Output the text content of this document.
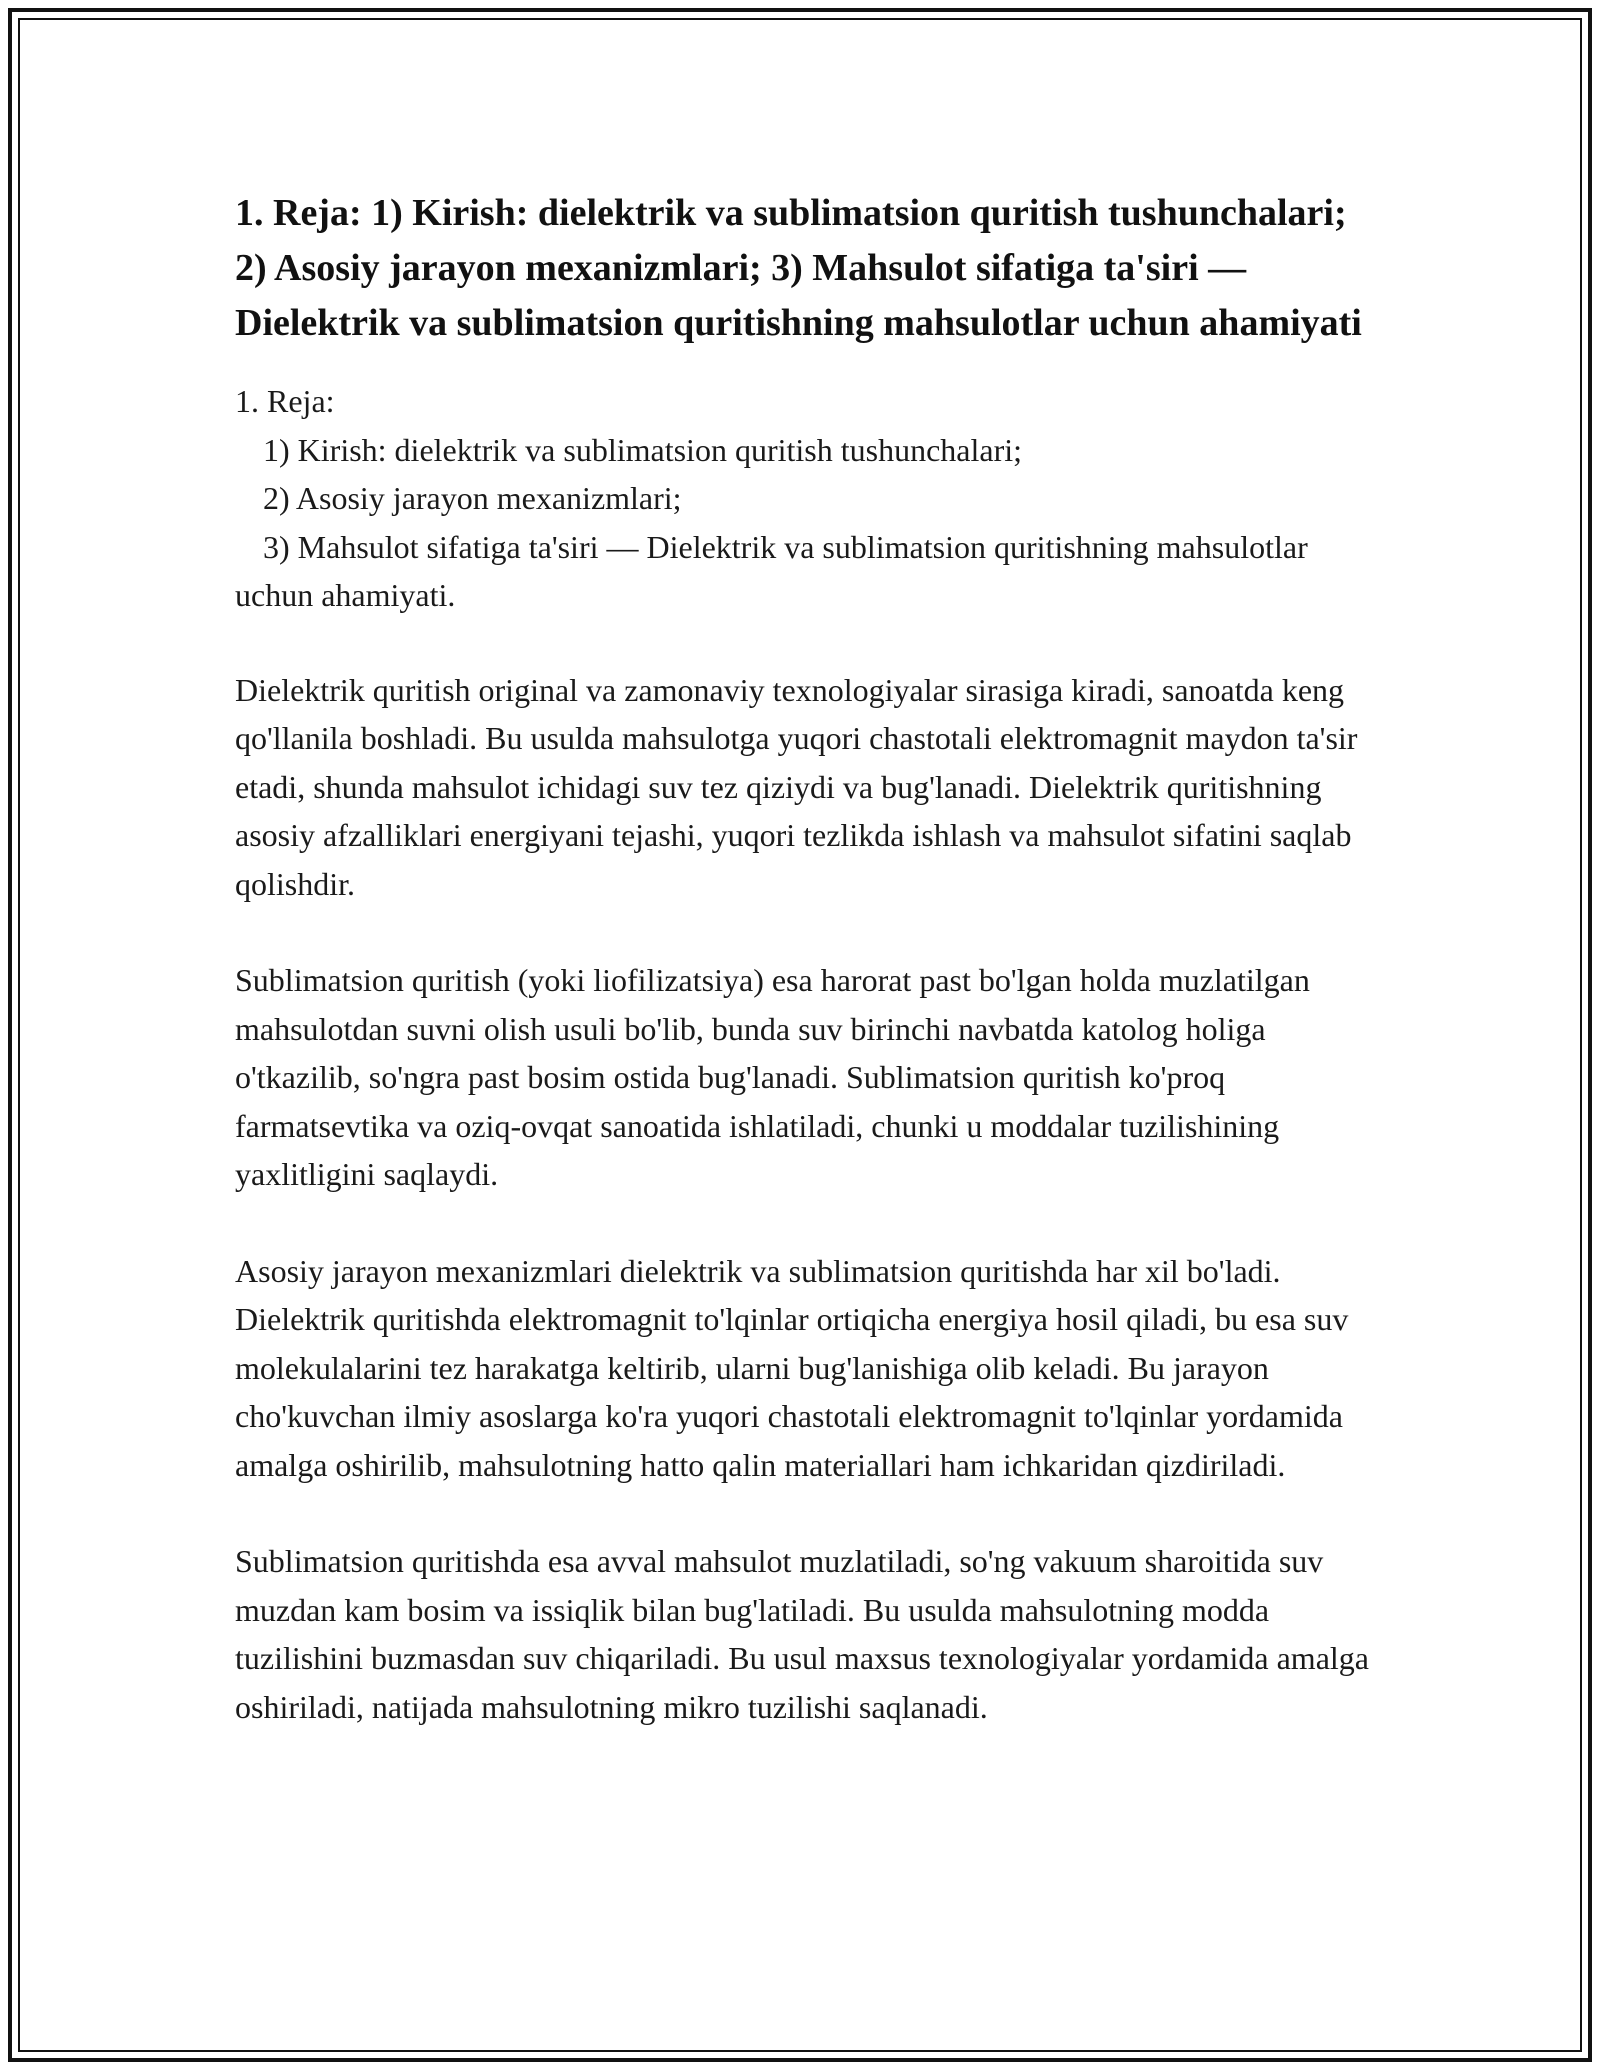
1. Reja: 1) Kirish: dielektrik va sublimatsion quritish tushunchalari; 2) Asosiy jarayon mexanizmlari; 3) Mahsulot sifatiga ta'siri — Dielektrik va sublimatsion quritishning mahsulotlar uchun ahamiyati
1. Reja:
1) Kirish: dielektrik va sublimatsion quritish tushunchalari;
2) Asosiy jarayon mexanizmlari;
3) Mahsulot sifatiga ta'siri — Dielektrik va sublimatsion quritishning mahsulotlar uchun ahamiyati.

Dielektrik quritish original va zamonaviy texnologiyalar sirasiga kiradi, sanoatda keng qo'llanila boshladi. Bu usulda mahsulotga yuqori chastotali elektromagnit maydon ta'sir etadi, shunda mahsulot ichidagi suv tez qiziydi va bug'lanadi. Dielektrik quritishning asosiy afzalliklari energiyani tejashi, yuqori tezlikda ishlash va mahsulot sifatini saqlab qolishdir.

Sublimatsion quritish (yoki liofilizatsiya) esa harorat past bo'lgan holda muzlatilgan mahsulotdan suvni olish usuli bo'lib, bunda suv birinchi navbatda katolog holiga o'tkazilib, so'ngra past bosim ostida bug'lanadi. Sublimatsion quritish ko'proq farmatsevtika va oziq-ovqat sanoatida ishlatiladi, chunki u moddalar tuzilishining yaxlitligini saqlaydi.

Asosiy jarayon mexanizmlari dielektrik va sublimatsion quritishda har xil bo'ladi. Dielektrik quritishda elektromagnit to'lqinlar ortiqicha energiya hosil qiladi, bu esa suv molekulalarini tez harakatga keltirib, ularni bug'lanishiga olib keladi. Bu jarayon cho'kuvchan ilmiy asoslarga ko'ra yuqori chastotali elektromagnit to'lqinlar yordamida amalga oshirilib, mahsulotning hatto qalin materiallari ham ichkaridan qizdiriladi.

Sublimatsion quritishda esa avval mahsulot muzlatiladi, so'ng vakuum sharoitida suv muzdan kam bosim va issiqlik bilan bug'latiladi. Bu usulda mahsulotning modda tuzilishini buzmasdan suv chiqariladi. Bu usul maxsus texnologiyalar yordamida amalga oshiriladi, natijada mahsulotning mikro tuzilishi saqlanadi.
